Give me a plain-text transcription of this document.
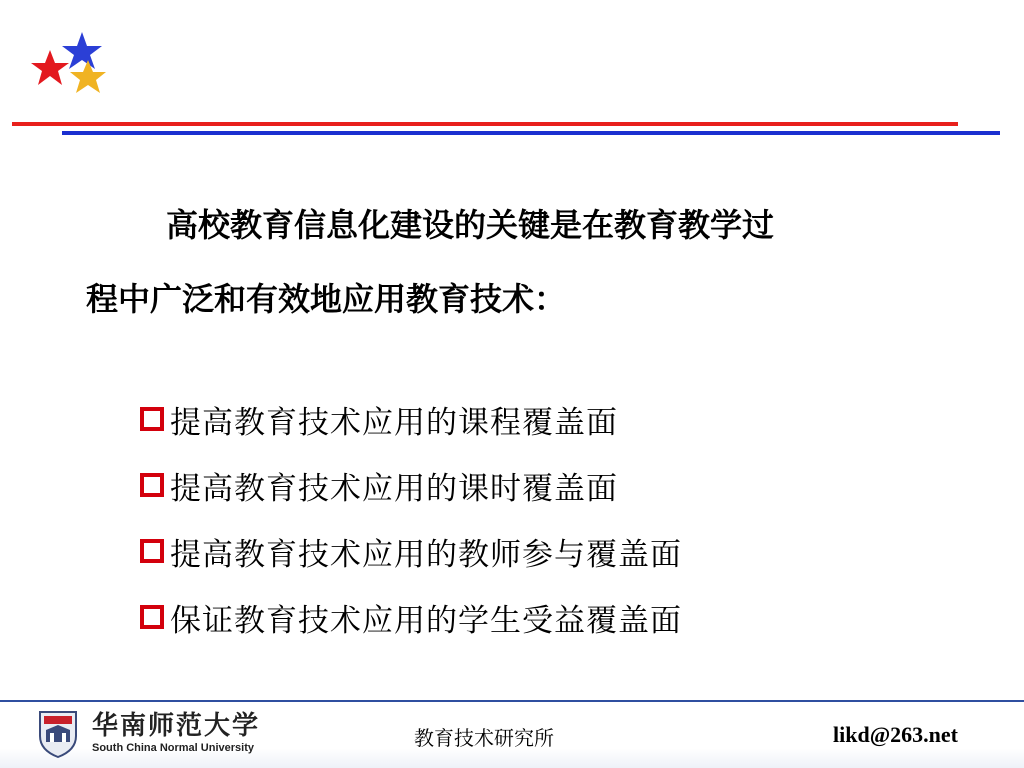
高校教育信息化建设的关键是在教育教学过

程中广泛和有效地应用教育技术：

提高教育技术应用的课程覆盖面
提高教育技术应用的课时覆盖面
提高教育技术应用的教师参与覆盖面
保证教育技术应用的学生受益覆盖面
华南师范大学
South China Normal University	教育技术研究所	likd@263.net
